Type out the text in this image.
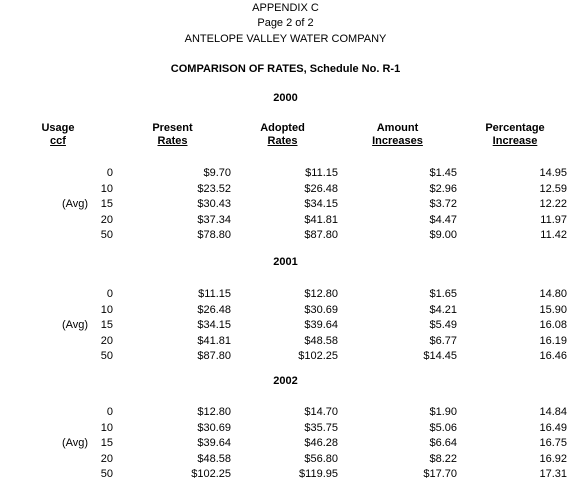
APPENDIX C
Page 2 of 2
ANTELOPE VALLEY WATER COMPANY
COMPARISON OF RATES, Schedule No. R-1
Usage
ccf
Present
Rates
Adopted
Rates
Amount
Increases
Percentage
Increase
2000
0	$9.70	$11.15	$1.45	14.95
10	$23.52	$26.48	$2.96	12.59
(Avg) 15	$30.43	$34.15	$3.72	12.22
20	$37.34	$41.81	$4.47	11.97
50	$78.80	$87.80	$9.00	11.42
2001
0	$11.15	$12.80	$1.65	14.80
10	$26.48	$30.69	$4.21	15.90
(Avg) 15	$34.15	$39.64	$5.49	16.08
20	$41.81	$48.58	$6.77	16.19
50	$87.80	$102.25	$14.45	16.46
2002
0	$12.80	$14.70	$1.90	14.84
10	$30.69	$35.75	$5.06	16.49
(Avg) 15	$39.64	$46.28	$6.64	16.75
20	$48.58	$56.80	$8.22	16.92
50	$102.25	$119.95	$17.70	17.31
